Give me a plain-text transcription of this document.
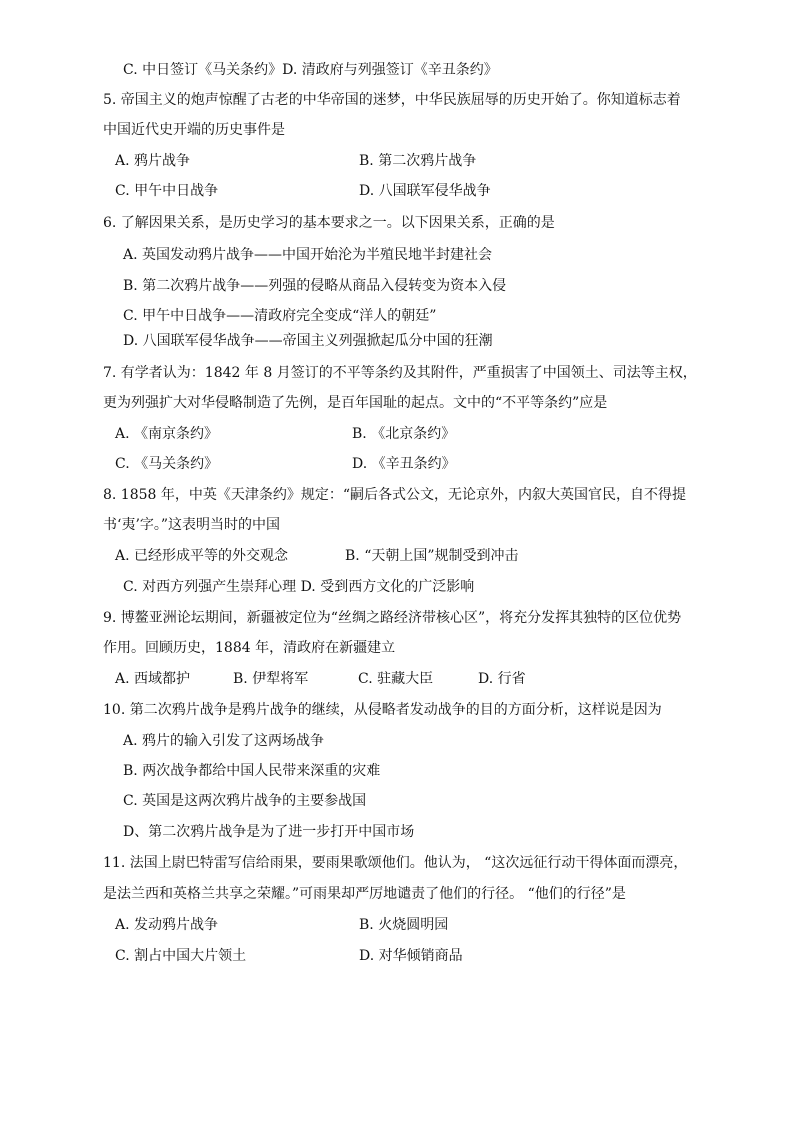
C. 中日签订《马关条约》D. 清政府与列强签订《辛丑条约》
5. 帝国主义的炮声惊醒了古老的中华帝国的迷梦，中华民族屈辱的历史开始了。你知道标志着
中国近代史开端的历史事件是
A. 鸦片战争	B. 第二次鸦片战争
C. 甲午中日战争	D. 八国联军侵华战争
6. 了解因果关系，是历史学习的基本要求之一。以下因果关系，正确的是
A. 英国发动鸦片战争——中国开始沦为半殖民地半封建社会
B. 第二次鸦片战争——列强的侵略从商品入侵转变为资本入侵
C. 甲午中日战争——清政府完全变成“洋人的朝廷”
D. 八国联军侵华战争——帝国主义列强掀起瓜分中国的狂潮
7. 有学者认为：1842 年 8 月签订的不平等条约及其附件，严重损害了中国领土、司法等主权，
更为列强扩大对华侵略制造了先例，是百年国耻的起点。文中的“不平等条约”应是
A. 《南京条约》	B. 《北京条约》
C. 《马关条约》	D. 《辛丑条约》
8. 1858 年，中英《天津条约》规定：“嗣后各式公文，无论京外，内叙大英国官民，自不得提
书‘夷’字。”这表明当时的中国
A. 已经形成平等的外交观念	B. “天朝上国”规制受到冲击
C. 对西方列强产生崇拜心理 D. 受到西方文化的广泛影响
9. 博鳌亚洲论坛期间，新疆被定位为“丝绸之路经济带核心区”，将充分发挥其独特的区位优势
作用。回顾历史，1884 年，清政府在新疆建立
A. 西域都护	B. 伊犁将军	C. 驻藏大臣	D. 行省
10. 第二次鸦片战争是鸦片战争的继续，从侵略者发动战争的目的方面分析，这样说是因为
A. 鸦片的输入引发了这两场战争
B. 两次战争都给中国人民带来深重的灾难
C. 英国是这两次鸦片战争的主要参战国
D、第二次鸦片战争是为了进一步打开中国市场
11. 法国上尉巴特雷写信给雨果，要雨果歌颂他们。他认为， “这次远征行动干得体面而漂亮，
是法兰西和英格兰共享之荣耀。”可雨果却严厉地谴责了他们的行径。 “他们的行径”是
A. 发动鸦片战争	B. 火烧圆明园
C. 割占中国大片领土	D. 对华倾销商品
